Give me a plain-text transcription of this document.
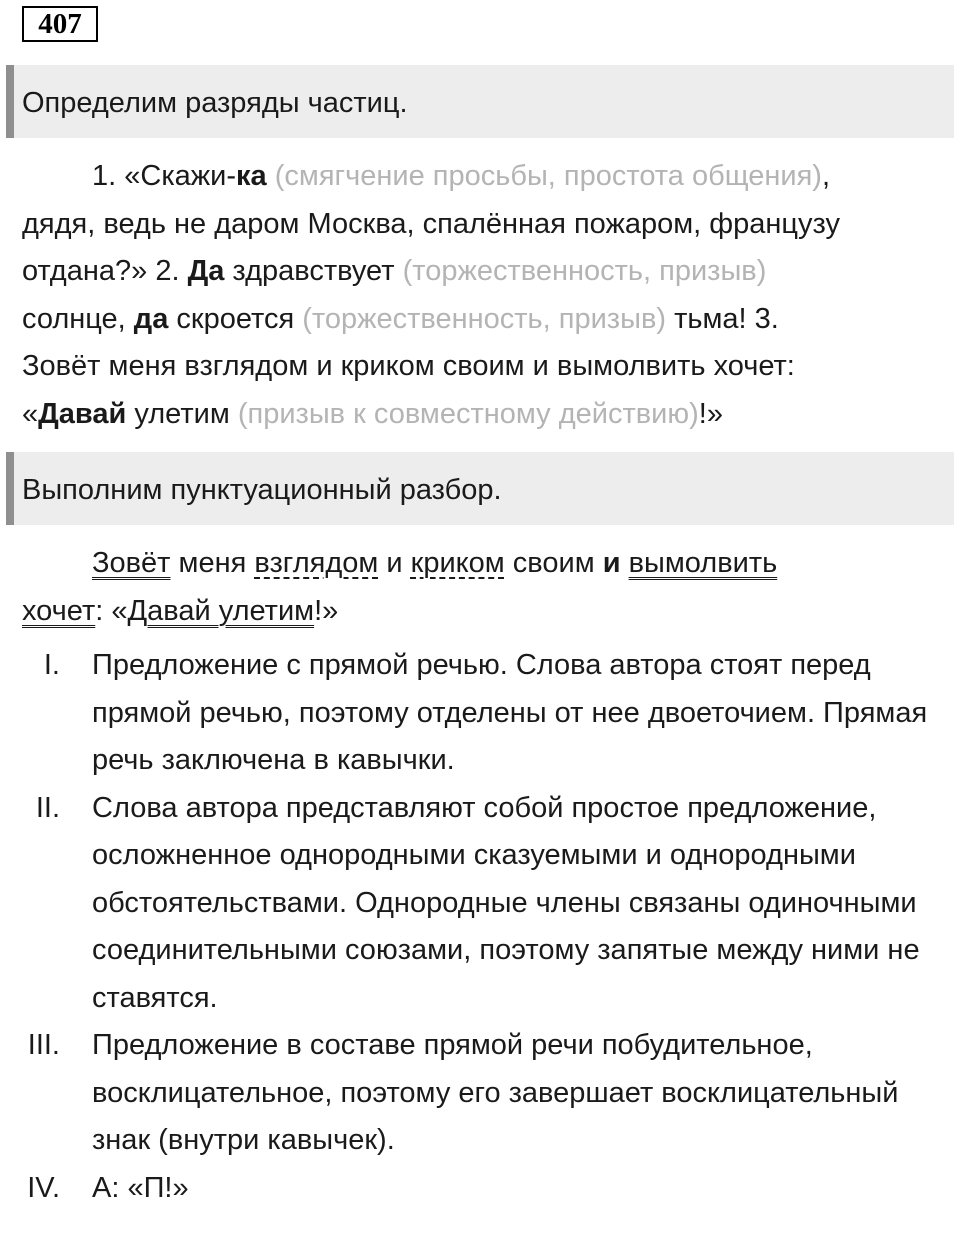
407
Определим разряды частиц.
1. «Скажи-ка (смягчение просьбы, простота общения),
дядя, ведь не даром Москва, спалённая пожаром, французу
отдана?» 2. Да здравствует (торжественность, призыв)
солнце, да скроется (торжественность, призыв) тьма! 3.
Зовёт меня взглядом и криком своим и вымолвить хочет:
«Давай улетим (призыв к совместному действию)!»
Выполним пунктуационный разбор.
Зовёт меня взглядом и криком своим и вымолвить
хочет: «Давай улетим!»
I. Предложение с прямой речью. Слова автора стоят перед прямой речью, поэтому отделены от нее двоеточием. Прямая речь заключена в кавычки.
II. Слова автора представляют собой простое предложение, осложненное однородными сказуемыми и однородными обстоятельствами. Однородные члены связаны одиночными соединительными союзами, поэтому запятые между ними не ставятся.
III. Предложение в составе прямой речи побудительное, восклицательное, поэтому его завершает восклицательный знак (внутри кавычек).
IV. А: «П!»
